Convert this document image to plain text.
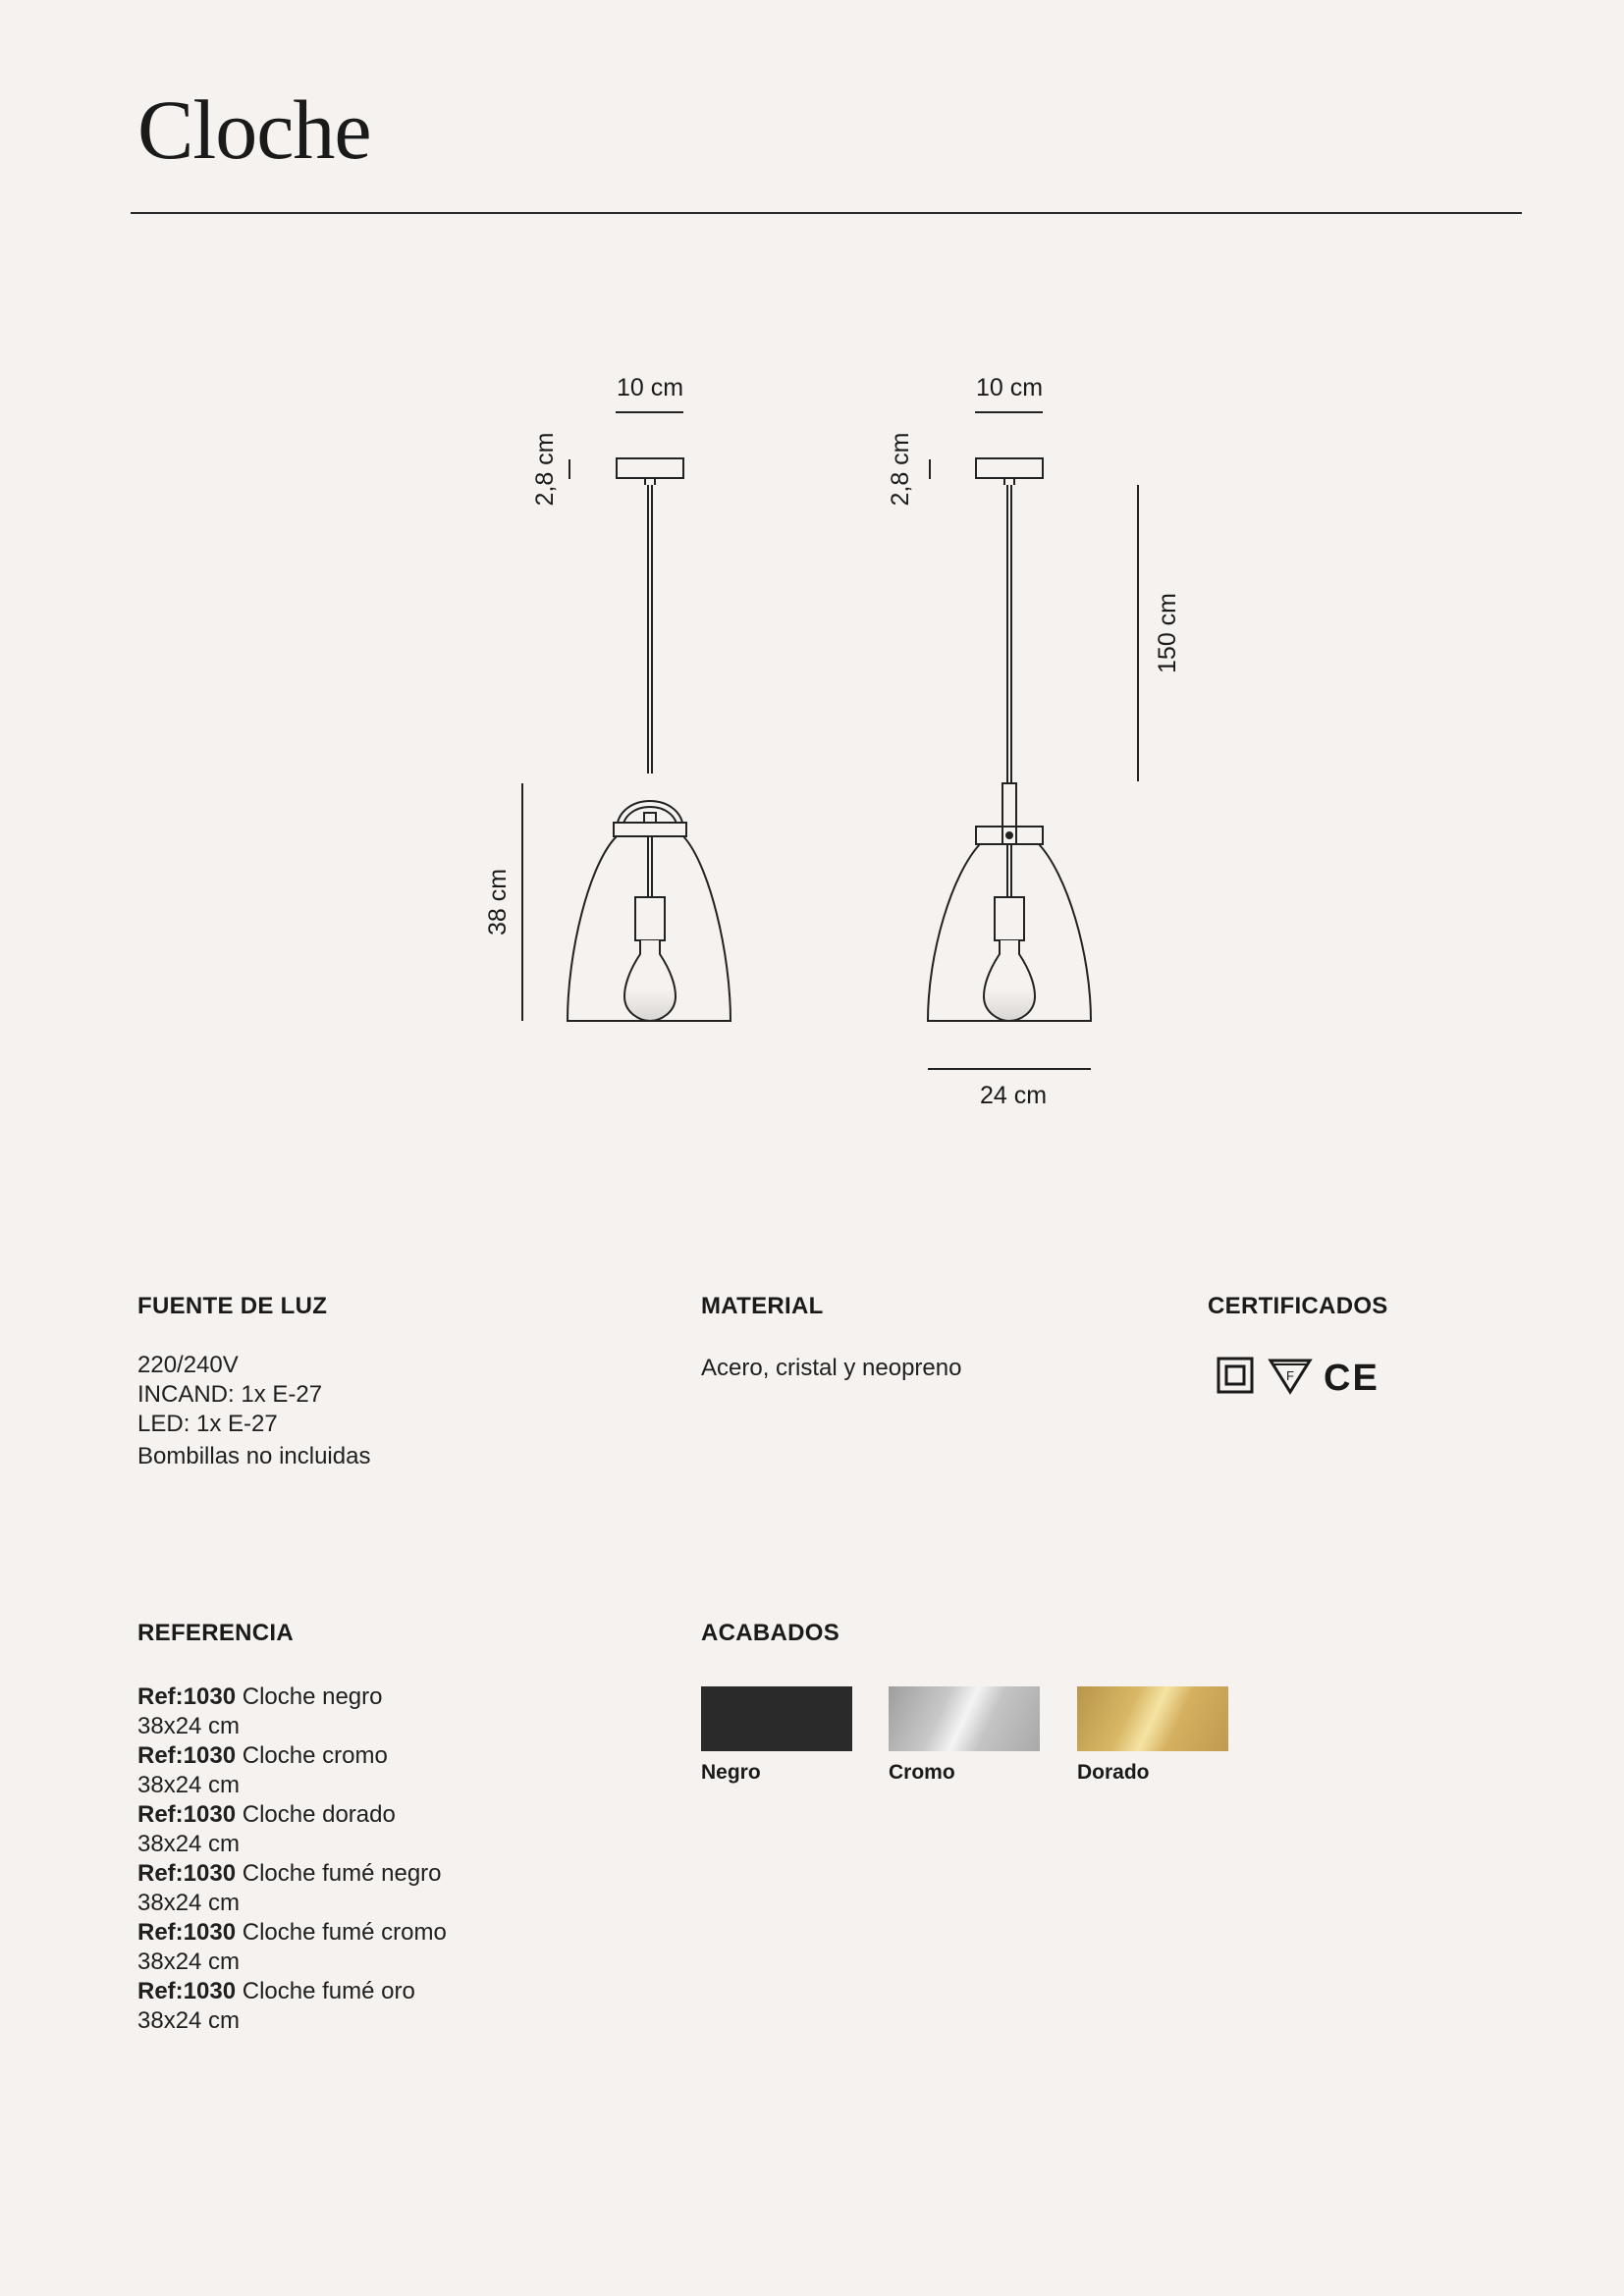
Cloche
10 cm	10 cm
2,8 cm	2,8 cm
150 cm
38 cm
24 cm
FUENTE DE LUZ
220/240V
INCAND: 1x E-27
LED: 1x E-27
Bombillas no incluidas
MATERIAL
Acero, cristal y neopreno
CERTIFICADOS
F CE
REFERENCIA
Ref:1030 Cloche negro
38x24 cm
Ref:1030 Cloche cromo
38x24 cm
Ref:1030 Cloche dorado
38x24 cm
Ref:1030 Cloche fumé negro
38x24 cm
Ref:1030 Cloche fumé cromo
38x24 cm
Ref:1030 Cloche fumé oro
38x24 cm
ACABADOS
Negro	Cromo	Dorado
